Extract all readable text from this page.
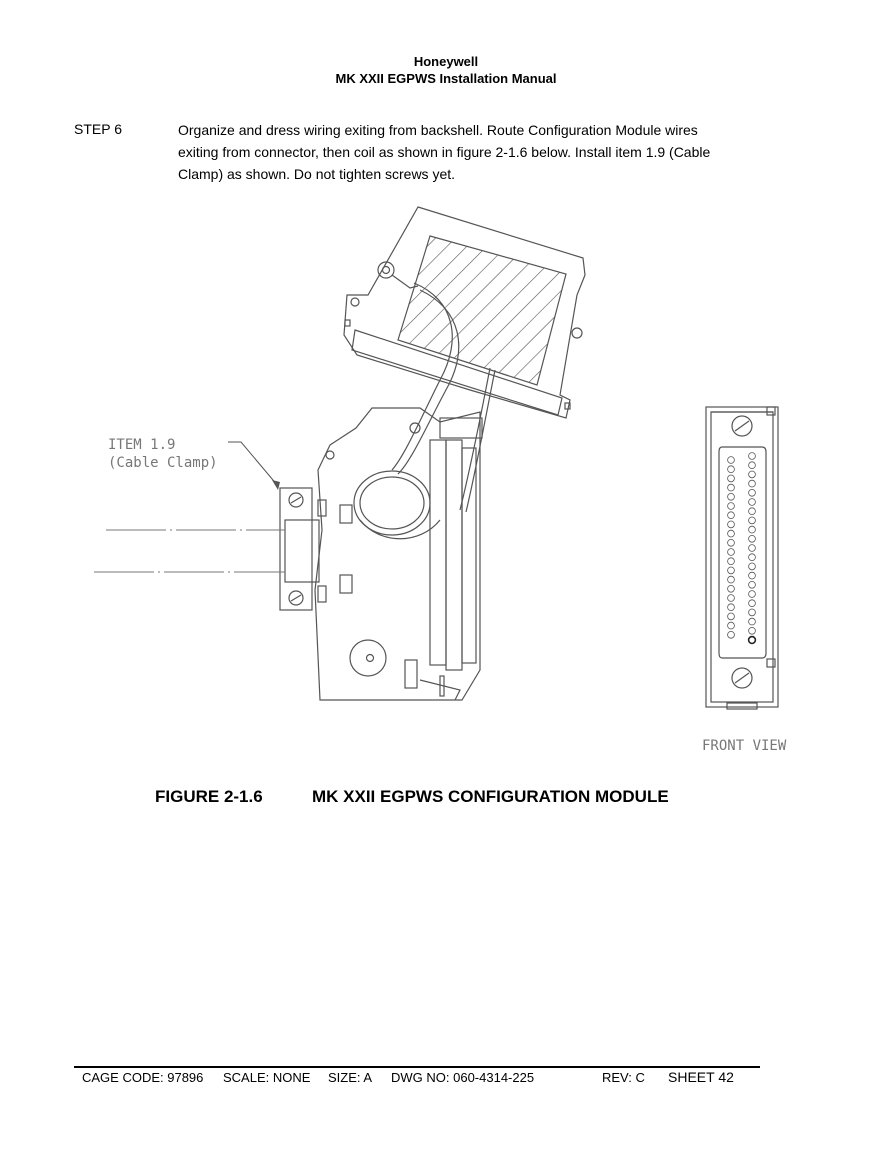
Honeywell
MK XXII EGPWS Installation Manual
STEP 6	Organize and dress wiring exiting from backshell. Route Configuration Module wires
exiting from connector, then coil as shown in figure 2-1.6 below. Install item 1.9 (Cable
Clamp) as shown. Do not tighten screws yet.
ITEM 1.9
(Cable Clamp)
FRONT VIEW
FIGURE 2-1.6	MK XXII EGPWS CONFIGURATION MODULE
CAGE CODE: 97896 SCALE: NONE SIZE: A DWG NO: 060-4314-225	REV: C SHEET 42
